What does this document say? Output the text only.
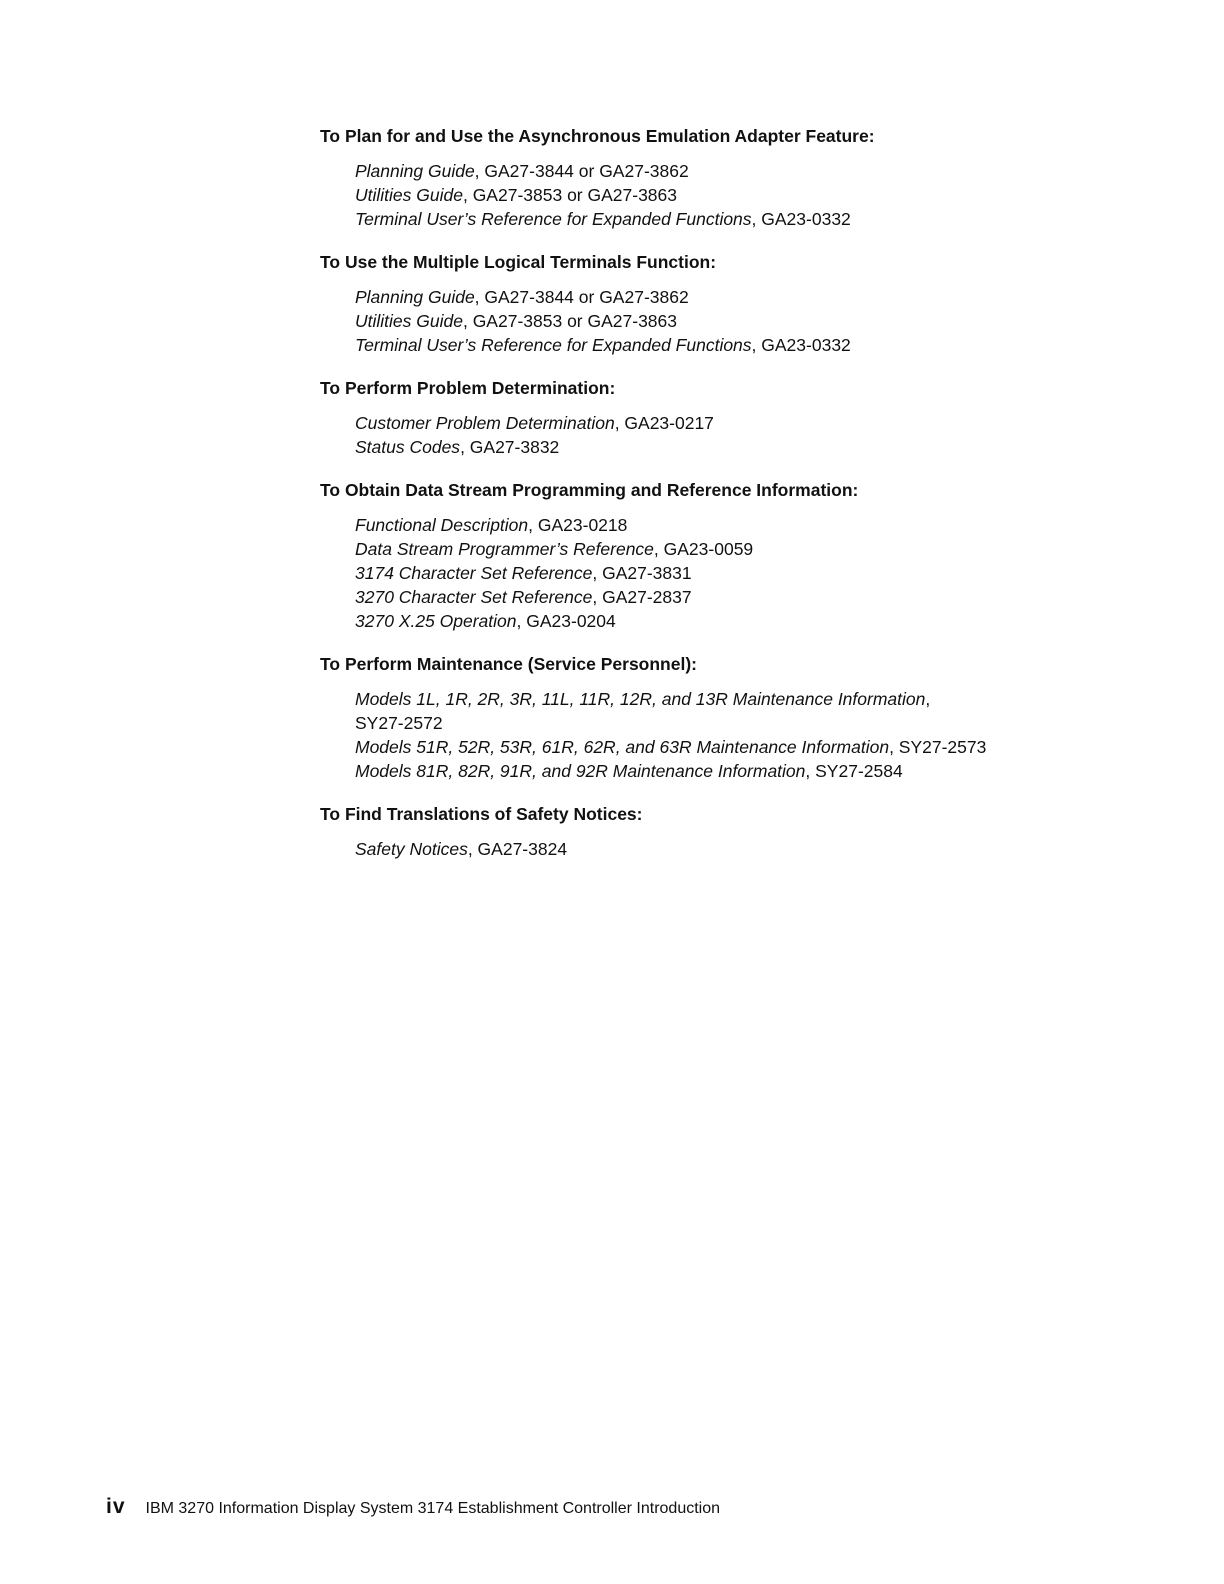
To Plan for and Use the Asynchronous Emulation Adapter Feature:
Planning Guide, GA27-3844 or GA27-3862
Utilities Guide, GA27-3853 or GA27-3863
Terminal User’s Reference for Expanded Functions, GA23-0332
To Use the Multiple Logical Terminals Function:
Planning Guide, GA27-3844 or GA27-3862
Utilities Guide, GA27-3853 or GA27-3863
Terminal User’s Reference for Expanded Functions, GA23-0332
To Perform Problem Determination:
Customer Problem Determination, GA23-0217
Status Codes, GA27-3832
To Obtain Data Stream Programming and Reference Information:
Functional Description, GA23-0218
Data Stream Programmer’s Reference, GA23-0059
3174 Character Set Reference, GA27-3831
3270 Character Set Reference, GA27-2837
3270 X.25 Operation, GA23-0204
To Perform Maintenance (Service Personnel):
Models 1L, 1R, 2R, 3R, 11L, 11R, 12R, and 13R Maintenance Information,
SY27-2572
Models 51R, 52R, 53R, 61R, 62R, and 63R Maintenance Information, SY27-2573
Models 81R, 82R, 91R, and 92R Maintenance Information, SY27-2584
To Find Translations of Safety Notices:
Safety Notices, GA27-3824
iv IBM 3270 Information Display System 3174 Establishment Controller Introduction
